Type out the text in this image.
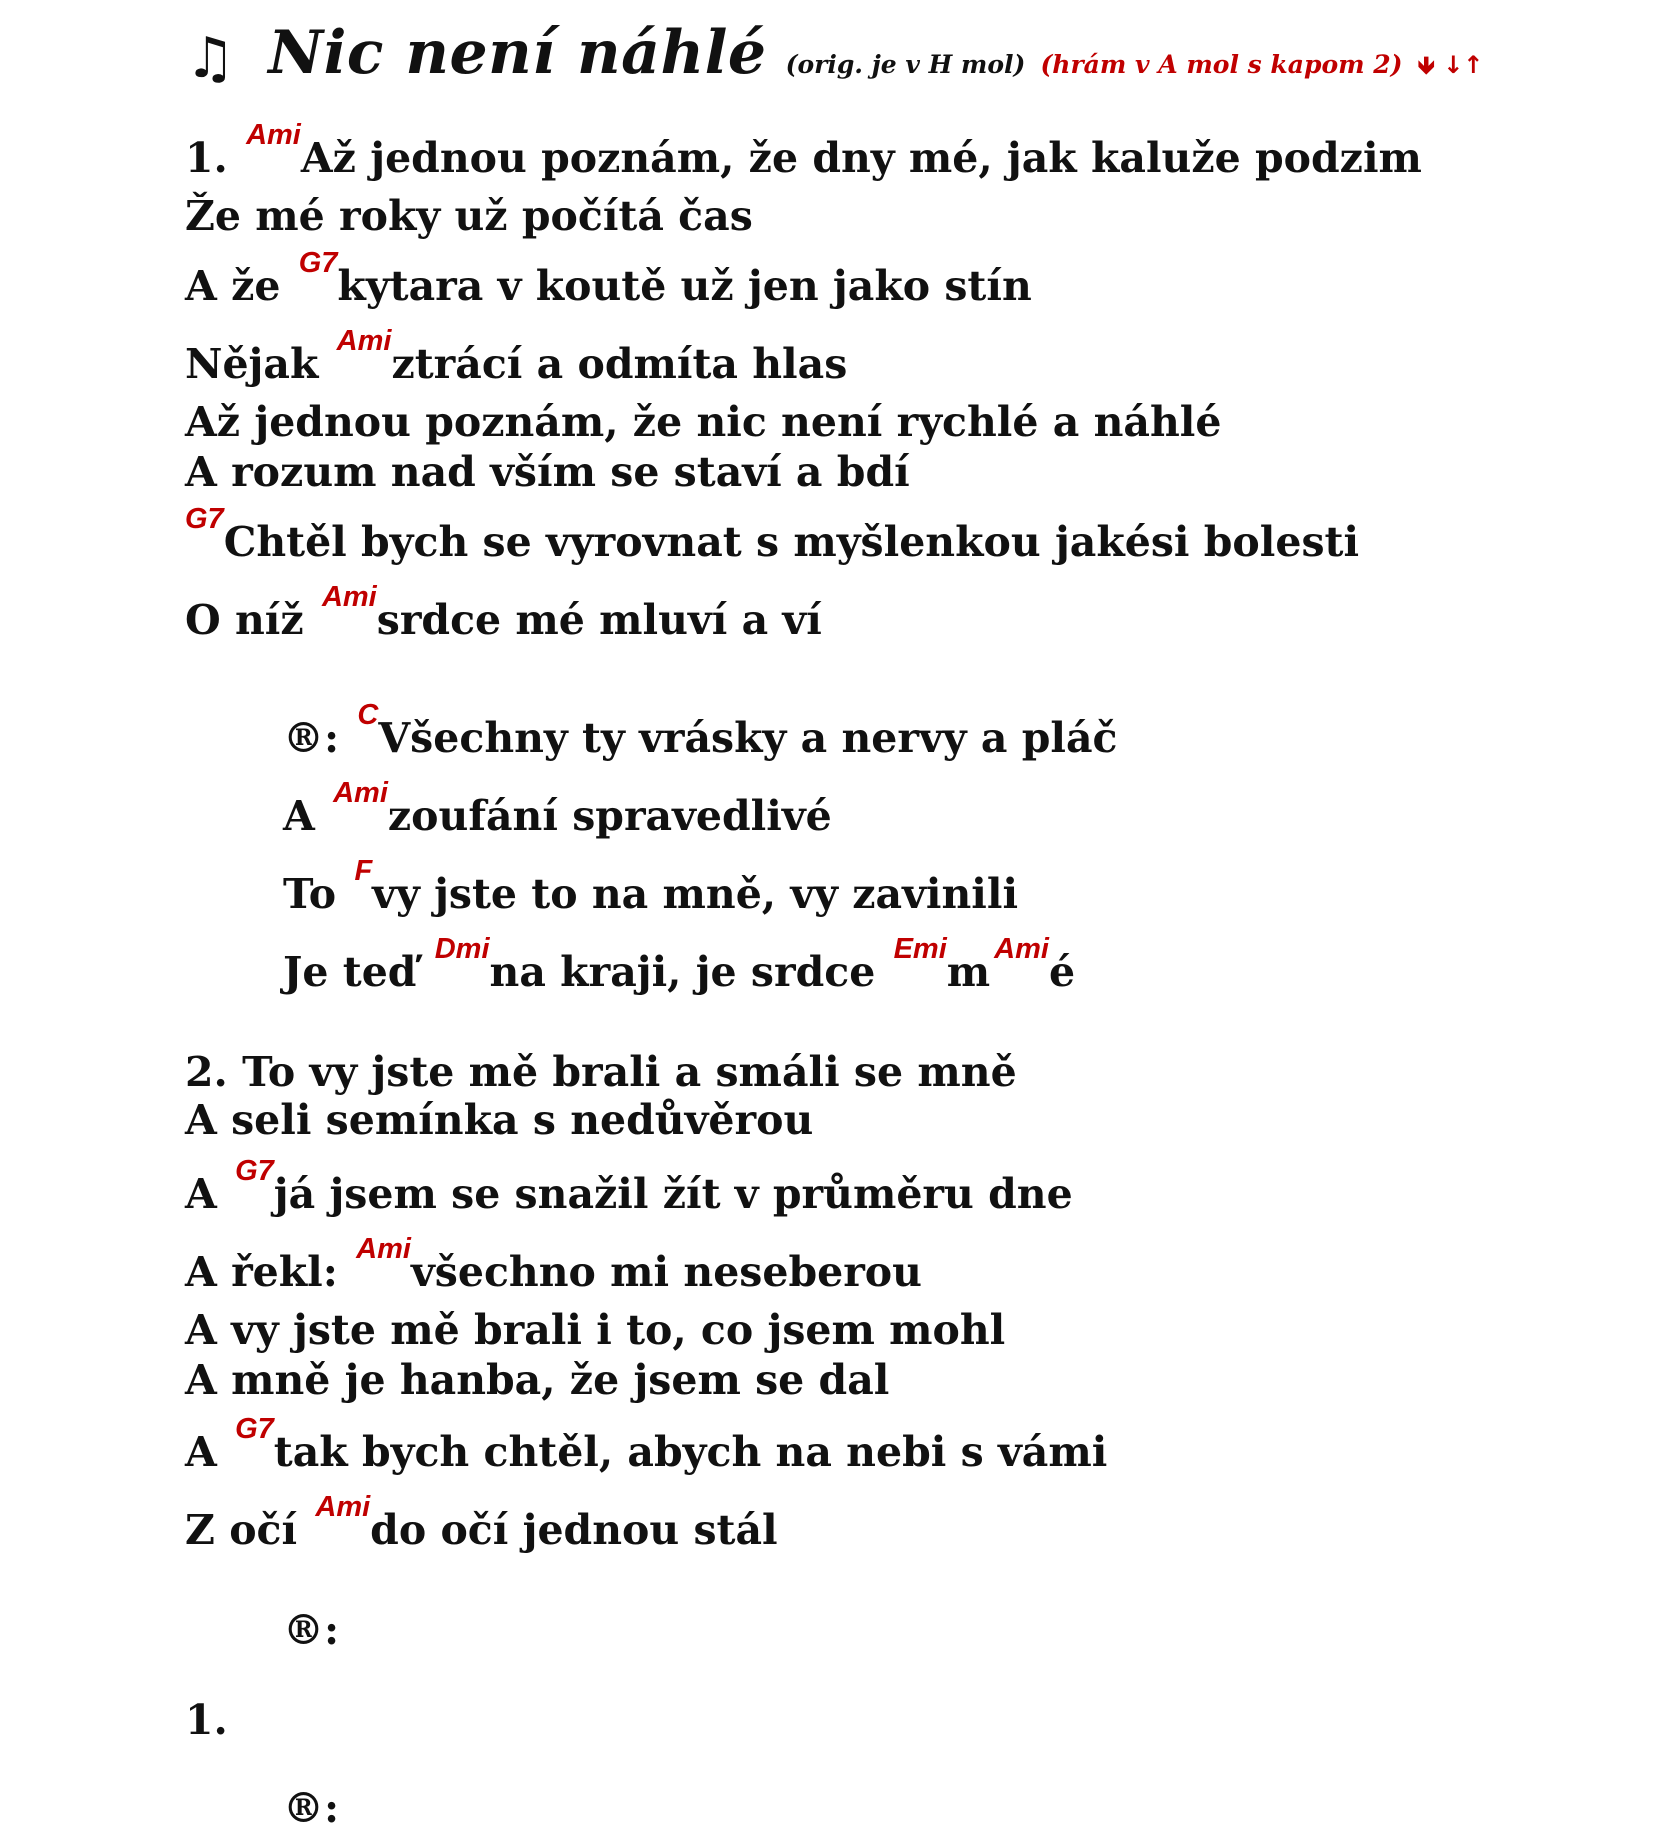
♫ Nic není náhlé (orig. je v H mol) (hrám v A mol s kapom 2) 🡻 ↓↑
1. $^{Ami}$Až jednou poznám, že dny mé, jak kaluže podzim
Že mé roky už počítá čas
A že $^{G7}$kytara v koutě už jen jako stín
Nějak $^{Ami}$ztrácí a odmíta hlas
Až jednou poznám, že nic není rychlé a náhlé
A rozum nad vším se staví a bdí
$^{G7}$Chtěl bych se vyrovnat s myšlenkou jakési bolesti
O níž $^{Ami}$srdce mé mluví a ví
®: $^C$Všechny ty vrásky a nervy a pláč
A $^{Ami}$zoufání spravedlivé
To $^F$vy jste to na mně, vy zavinili
Je teď $^{Dmi}$na kraji, je srdce $^{Emi}$m $^{Ami}$é
2. To vy jste mě brali a smáli se mně
A seli semínka s nedůvěrou
A $^{G7}$já jsem se snažil žít v průměru dne
A řekl: $^{Ami}$všechno mi neseberou
A vy jste mě brali i to, co jsem mohl
A mně je hanba, že jsem se dal
A $^{G7}$tak bych chtěl, abych na nebi s vámi
Z očí $^{Ami}$do očí jednou stál
®:
1.
®:
